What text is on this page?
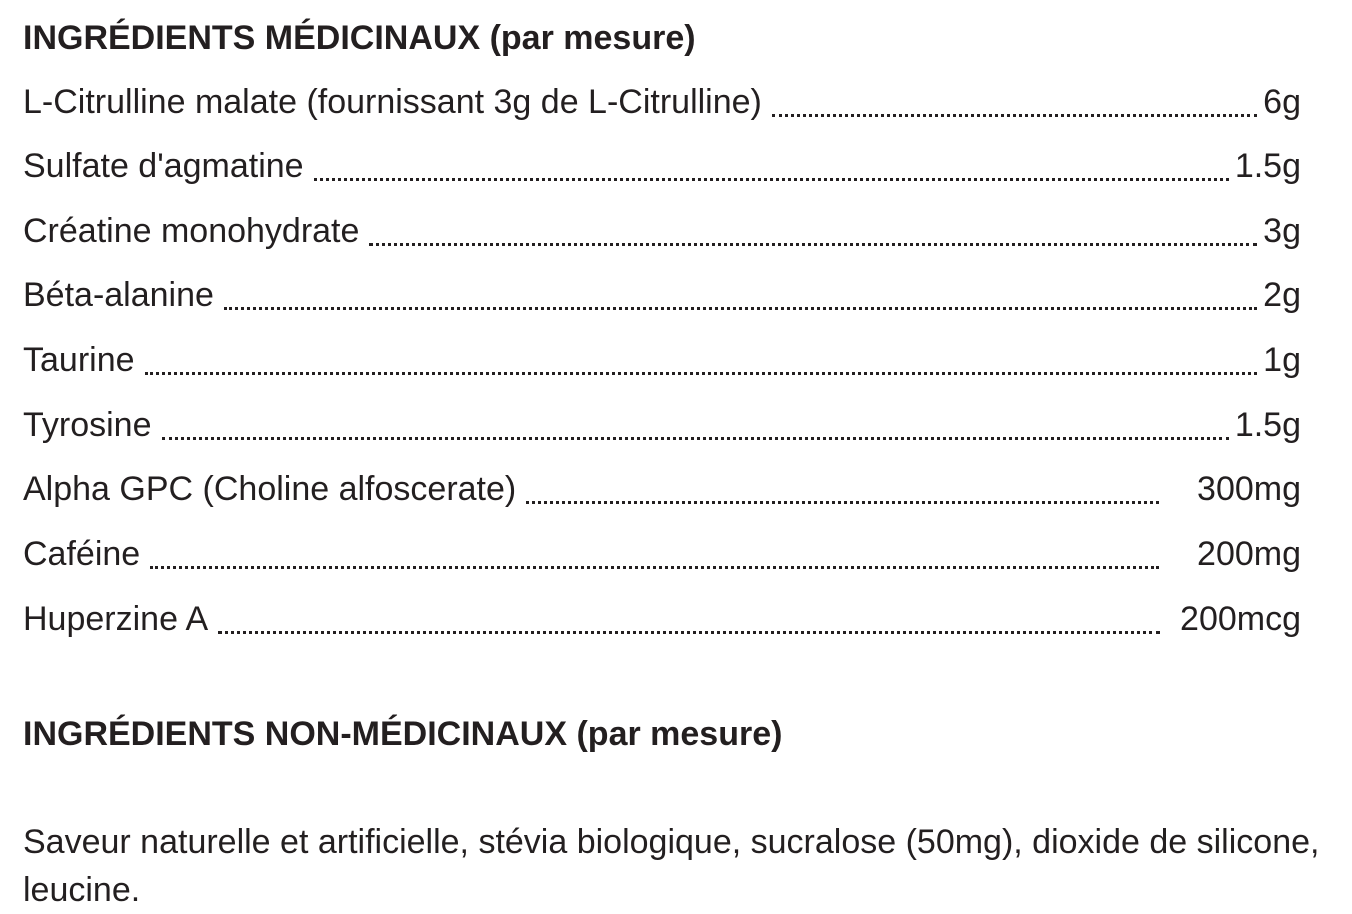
INGRÉDIENTS MÉDICINAUX (par mesure)
L-Citrulline malate (fournissant 3g de L-Citrulline)	6g
Sulfate d'agmatine	1.5g
Créatine monohydrate	3g
Béta-alanine	2g
Taurine	1g
Tyrosine	1.5g
Alpha GPC (Choline alfoscerate)	300mg
Caféine	200mg
Huperzine A	200mcg
INGRÉDIENTS NON-MÉDICINAUX (par mesure)

Saveur naturelle et artificielle, stévia biologique, sucralose (50mg), dioxide de silicone, leucine.
